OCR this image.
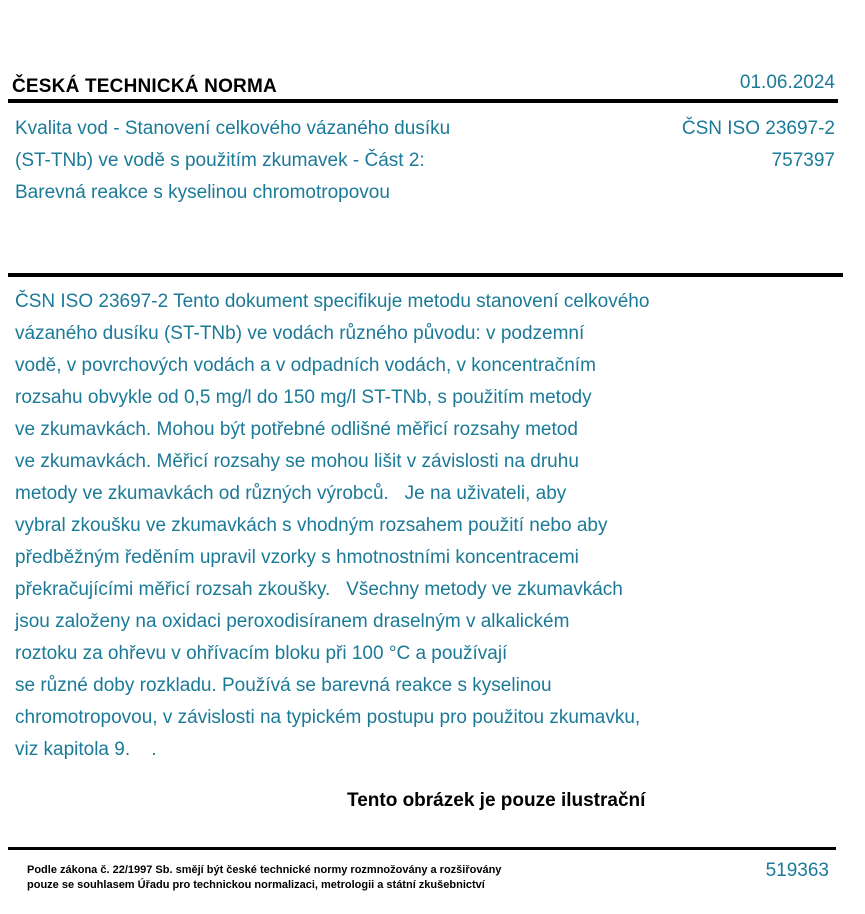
ČESKÁ TECHNICKÁ NORMA	01.06.2024
Kvalita vod - Stanovení celkového vázaného dusíku
(ST-TNb) ve vodě s použitím zkumavek - Část 2:
Barevná reakce s kyselinou chromotropovou
ČSN ISO 23697-2
757397
ČSN ISO 23697-2 Tento dokument specifikuje metodu stanovení celkového
vázaného dusíku (ST-TNb) ve vodách různého původu: v podzemní
vodě, v povrchových vodách a v odpadních vodách, v koncentračním
rozsahu obvykle od 0,5 mg/l do 150 mg/l ST-TNb, s použitím metody
ve zkumavkách. Mohou být potřebné odlišné měřicí rozsahy metod
ve zkumavkách. Měřicí rozsahy se mohou lišit v závislosti na druhu
metody ve zkumavkách od různých výrobců.   Je na uživateli, aby
vybral zkoušku ve zkumavkách s vhodným rozsahem použití nebo aby
předběžným ředěním upravil vzorky s hmotnostními koncentracemi
překračujícími měřicí rozsah zkoušky.   Všechny metody ve zkumavkách
jsou založeny na oxidaci peroxodisíranem draselným v alkalickém
roztoku za ohřevu v ohřívacím bloku při 100 °C a používají
se různé doby rozkladu. Používá se barevná reakce s kyselinou
chromotropovou, v závislosti na typickém postupu pro použitou zkumavku,
viz kapitola 9.    .
Tento obrázek je pouze ilustrační
Podle zákona č. 22/1997 Sb. smějí být české technické normy rozmnožovány a rozšiřovány
pouze se souhlasem Úřadu pro technickou normalizaci, metrologii a státní zkušebnictví
519363
